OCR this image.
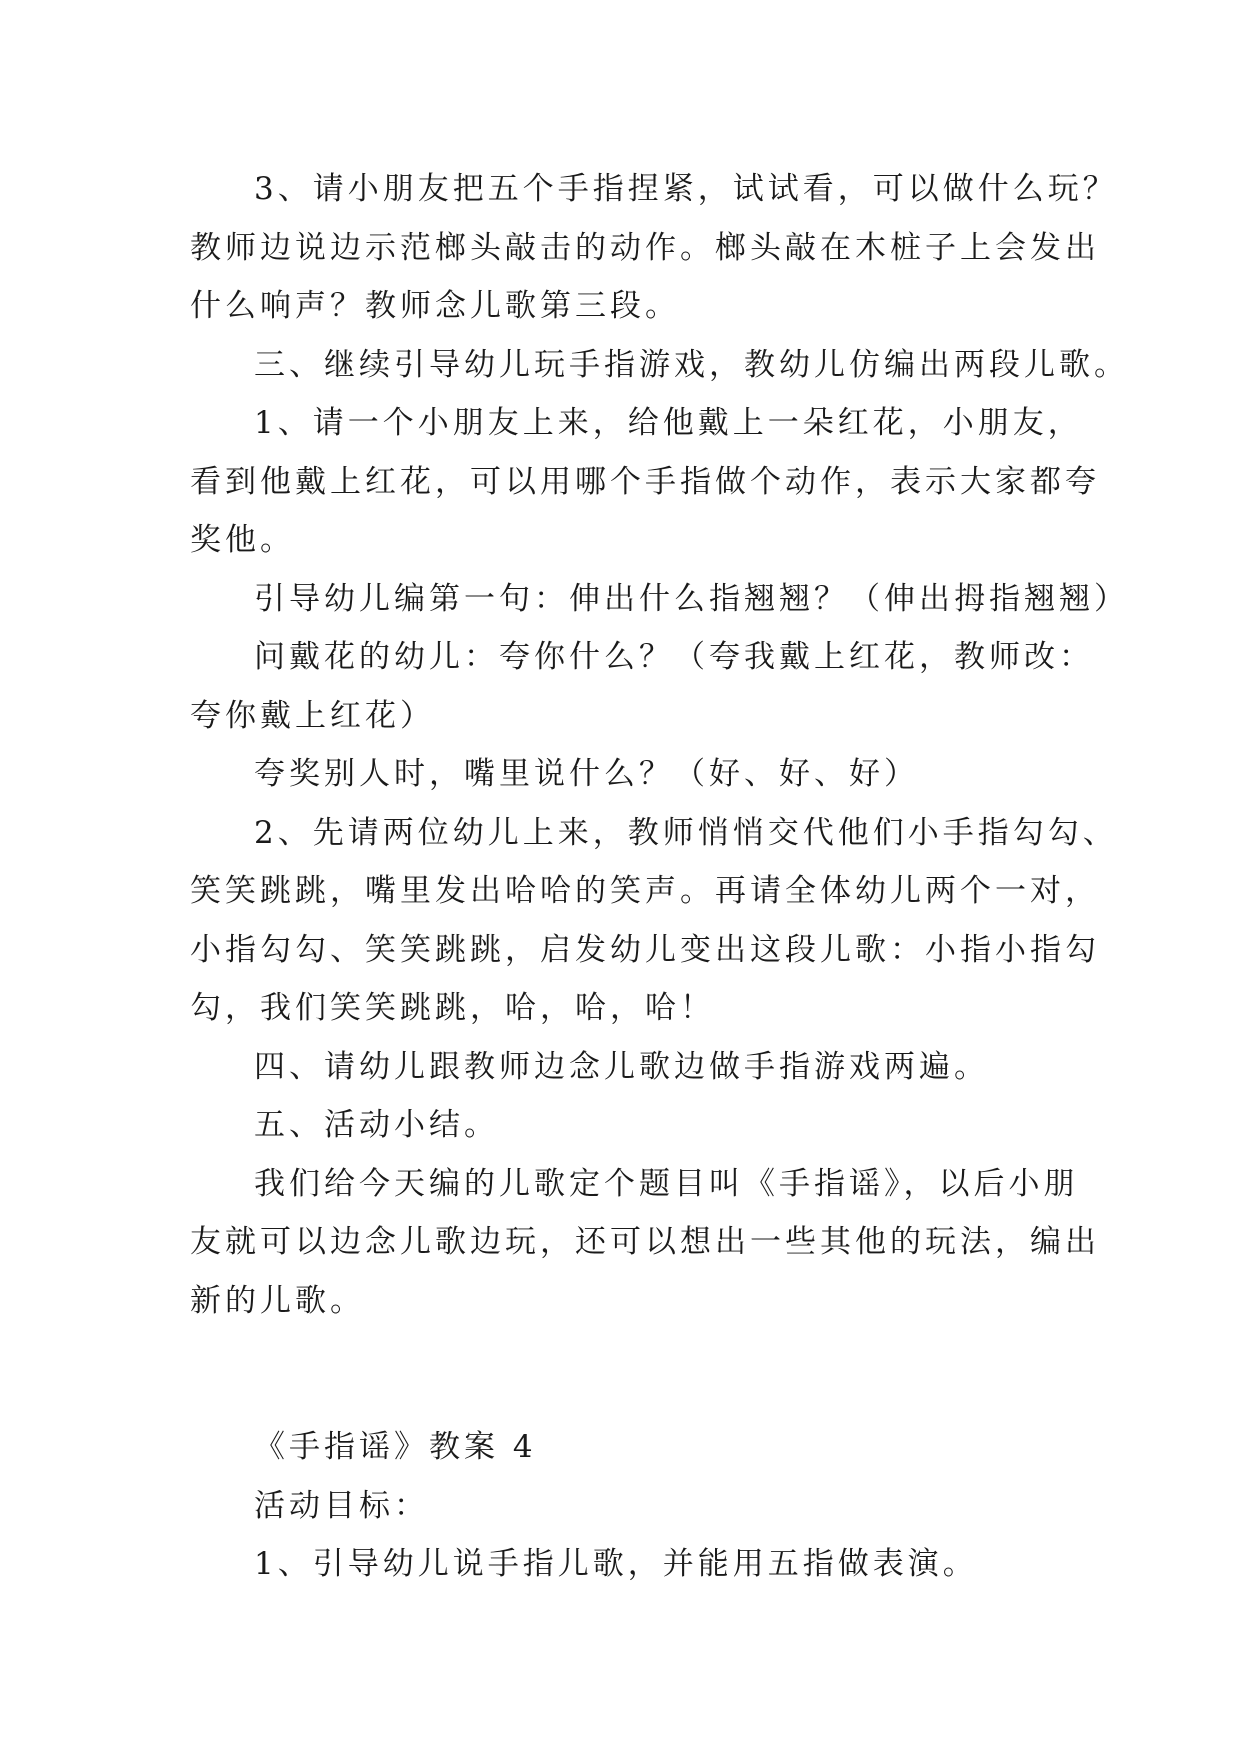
3、请小朋友把五个手指捏紧，试试看，可以做什么玩？
教师边说边示范榔头敲击的动作。榔头敲在木桩子上会发出
什么响声？教师念儿歌第三段。
三、继续引导幼儿玩手指游戏，教幼儿仿编出两段儿歌。
1、请一个小朋友上来，给他戴上一朵红花，小朋友，
看到他戴上红花，可以用哪个手指做个动作，表示大家都夸
奖他。
引导幼儿编第一句：伸出什么指翘翘？（伸出拇指翘翘）
问戴花的幼儿：夸你什么？（夸我戴上红花，教师改：
夸你戴上红花）
夸奖别人时，嘴里说什么？（好、好、好）
2、先请两位幼儿上来，教师悄悄交代他们小手指勾勾、
笑笑跳跳，嘴里发出哈哈的笑声。再请全体幼儿两个一对，
小指勾勾、笑笑跳跳，启发幼儿变出这段儿歌：小指小指勾
勾，我们笑笑跳跳，哈，哈，哈！
四、请幼儿跟教师边念儿歌边做手指游戏两遍。
五、活动小结。
我们给今天编的儿歌定个题目叫《手指谣》，以后小朋
友就可以边念儿歌边玩，还可以想出一些其他的玩法，编出
新的儿歌。
《手指谣》教案 4
活动目标：
1、引导幼儿说手指儿歌，并能用五指做表演。
